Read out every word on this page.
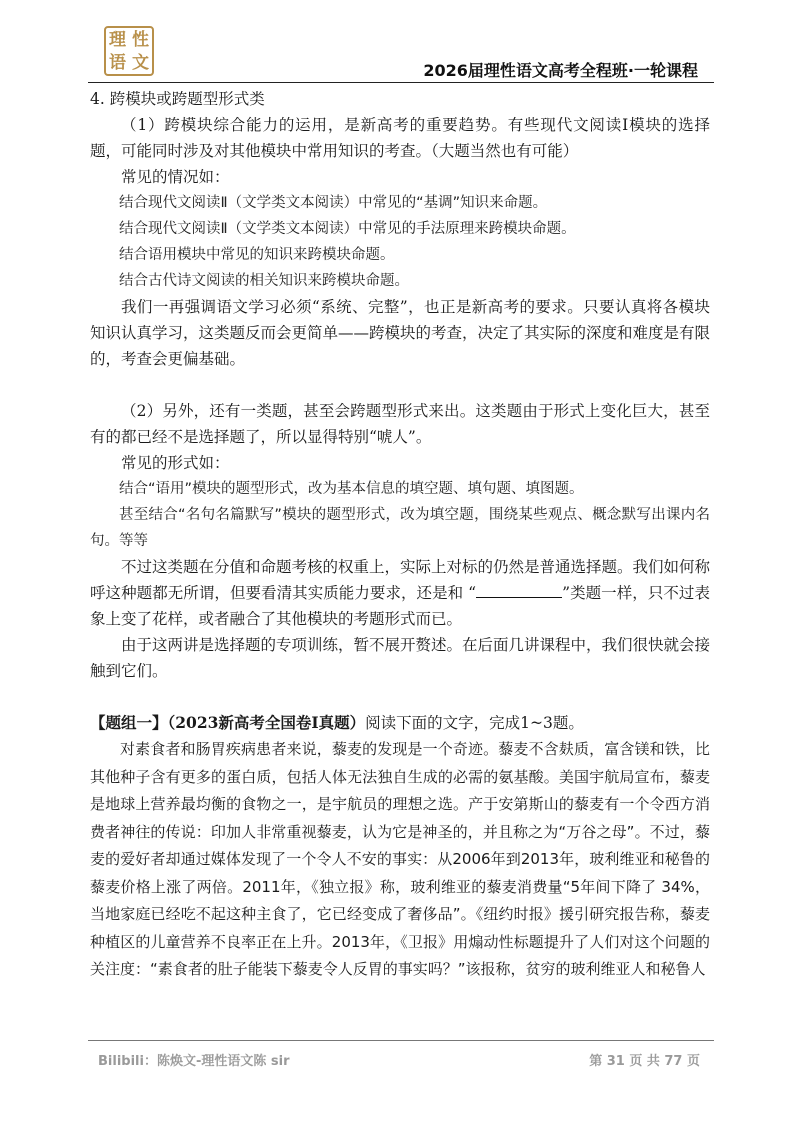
理 性
语 文	2026届理性语文高考全程班·一轮课程

4. 跨模块或跨题型形式类

（1）跨模块综合能力的运用，是新高考的重要趋势。有些现代文阅读Ⅰ模块的选择题，可能同时涉及对其他模块中常用知识的考查。（大题当然也有可能）

常见的情况如：

结合现代文阅读Ⅱ（文学类文本阅读）中常见的“基调”知识来命题。

结合现代文阅读Ⅱ（文学类文本阅读）中常见的手法原理来跨模块命题。

结合语用模块中常见的知识来跨模块命题。

结合古代诗文阅读的相关知识来跨模块命题。

我们一再强调语文学习必须“系统、完整”，也正是新高考的要求。只要认真将各模块知识认真学习，这类题反而会更简单——跨模块的考查，决定了其实际的深度和难度是有限的，考查会更偏基础。

（2）另外，还有一类题，甚至会跨题型形式来出。这类题由于形式上变化巨大，甚至有的都已经不是选择题了，所以显得特别“唬人”。

常见的形式如：

结合“语用”模块的题型形式，改为基本信息的填空题、填句题、填图题。

甚至结合“名句名篇默写”模块的题型形式，改为填空题，围绕某些观点、概念默写出课内名句。等等

不过这类题在分值和命题考核的权重上，实际上对标的仍然是普通选择题。我们如何称呼这种题都无所谓，但要看清其实质能力要求，还是和 “	”类题一样，只不过表象上变了花样，或者融合了其他模块的考题形式而已。

由于这两讲是选择题的专项训练，暂不展开赘述。在后面几讲课程中，我们很快就会接触到它们。

【题组一】（2023新高考全国卷Ⅰ真题）阅读下面的文字，完成1~3题。

对素食者和肠胃疾病患者来说，藜麦的发现是一个奇迹。藜麦不含麸质，富含镁和铁，比其他种子含有更多的蛋白质，包括人体无法独自生成的必需的氨基酸。美国宇航局宣布，藜麦是地球上营养最均衡的食物之一，是宇航员的理想之选。产于安第斯山的藜麦有一个令西方消费者神往的传说：印加人非常重视藜麦，认为它是神圣的，并且称之为“万谷之母”。不过，藜麦的爱好者却通过媒体发现了一个令人不安的事实：从2006年到2013年，玻利维亚和秘鲁的藜麦价格上涨了两倍。2011年，《独立报》称，玻利维亚的藜麦消费量“5年间下降了 34%，当地家庭已经吃不起这种主食了，它已经变成了奢侈品”。《纽约时报》援引研究报告称，藜麦种植区的儿童营养不良率正在上升。2013年，《卫报》用煽动性标题提升了人们对这个问题的关注度：“素食者的肚子能装下藜麦令人反胃的事实吗？”该报称，贫穷的玻利维亚人和秘鲁人

Bilibili：陈焕文-理性语文陈 sir	第 31 页 共 77 页
